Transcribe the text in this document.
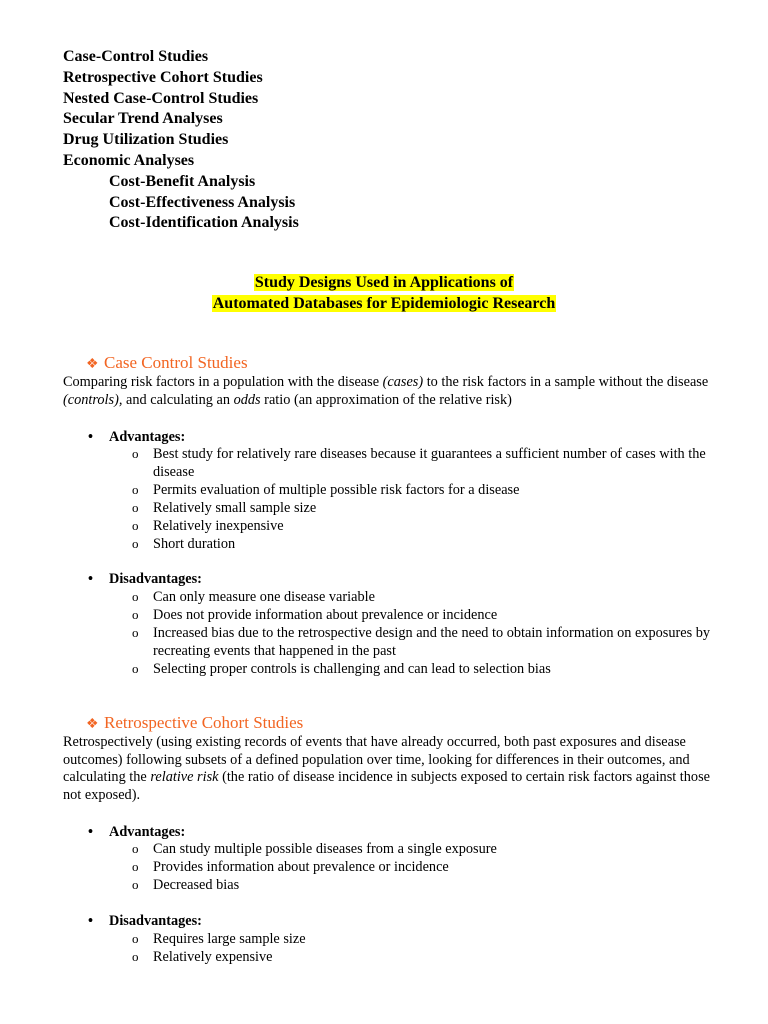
Case-Control Studies
Retrospective Cohort Studies
Nested Case-Control Studies
Secular Trend Analyses
Drug Utilization Studies
Economic Analyses
Cost-Benefit Analysis
Cost-Effectiveness Analysis
Cost-Identification Analysis
Study Designs Used in Applications of
Automated Databases for Epidemiologic Research
❖ Case Control Studies
Comparing risk factors in a population with the disease (cases) to the risk factors in a sample without the disease (controls), and calculating an odds ratio (an approximation of the relative risk)
• Advantages:
o Best study for relatively rare diseases because it guarantees a sufficient number of cases with the disease
o Permits evaluation of multiple possible risk factors for a disease
o Relatively small sample size
o Relatively inexpensive
o Short duration
• Disadvantages:
o Can only measure one disease variable
o Does not provide information about prevalence or incidence
o Increased bias due to the retrospective design and the need to obtain information on exposures by recreating events that happened in the past
o Selecting proper controls is challenging and can lead to selection bias
❖ Retrospective Cohort Studies
Retrospectively (using existing records of events that have already occurred, both past exposures and disease outcomes) following subsets of a defined population over time, looking for differences in their outcomes, and calculating the relative risk (the ratio of disease incidence in subjects exposed to certain risk factors against those not exposed).
• Advantages:
o Can study multiple possible diseases from a single exposure
o Provides information about prevalence or incidence
o Decreased bias
• Disadvantages:
o Requires large sample size
o Relatively expensive
